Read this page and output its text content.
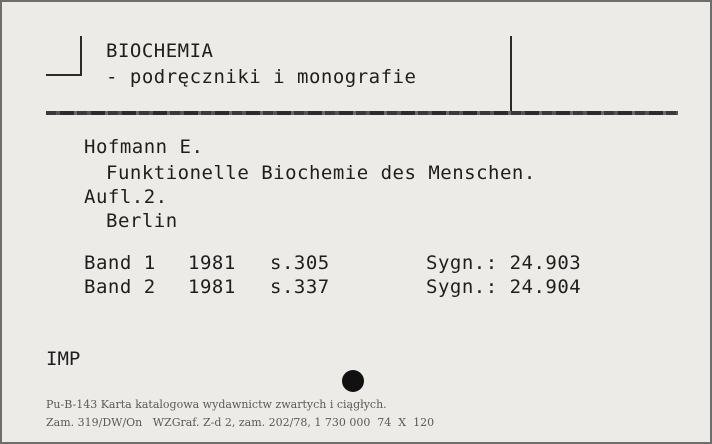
BIOCHEMIA
- podręczniki i monografie
Hofmann E.
Funktionelle Biochemie des Menschen.
Aufl.2.
Berlin
Band 1 1981 s.305	Sygn.: 24.903
Band 2 1981 s.337	Sygn.: 24.904
IMP
Pu-B-143 Karta katalogowa wydawnictw zwartych i ciągłych.
Zam. 319/DW/On   WZGraf. Z-d 2, zam. 202/78, 1 730 000  74  X  120
